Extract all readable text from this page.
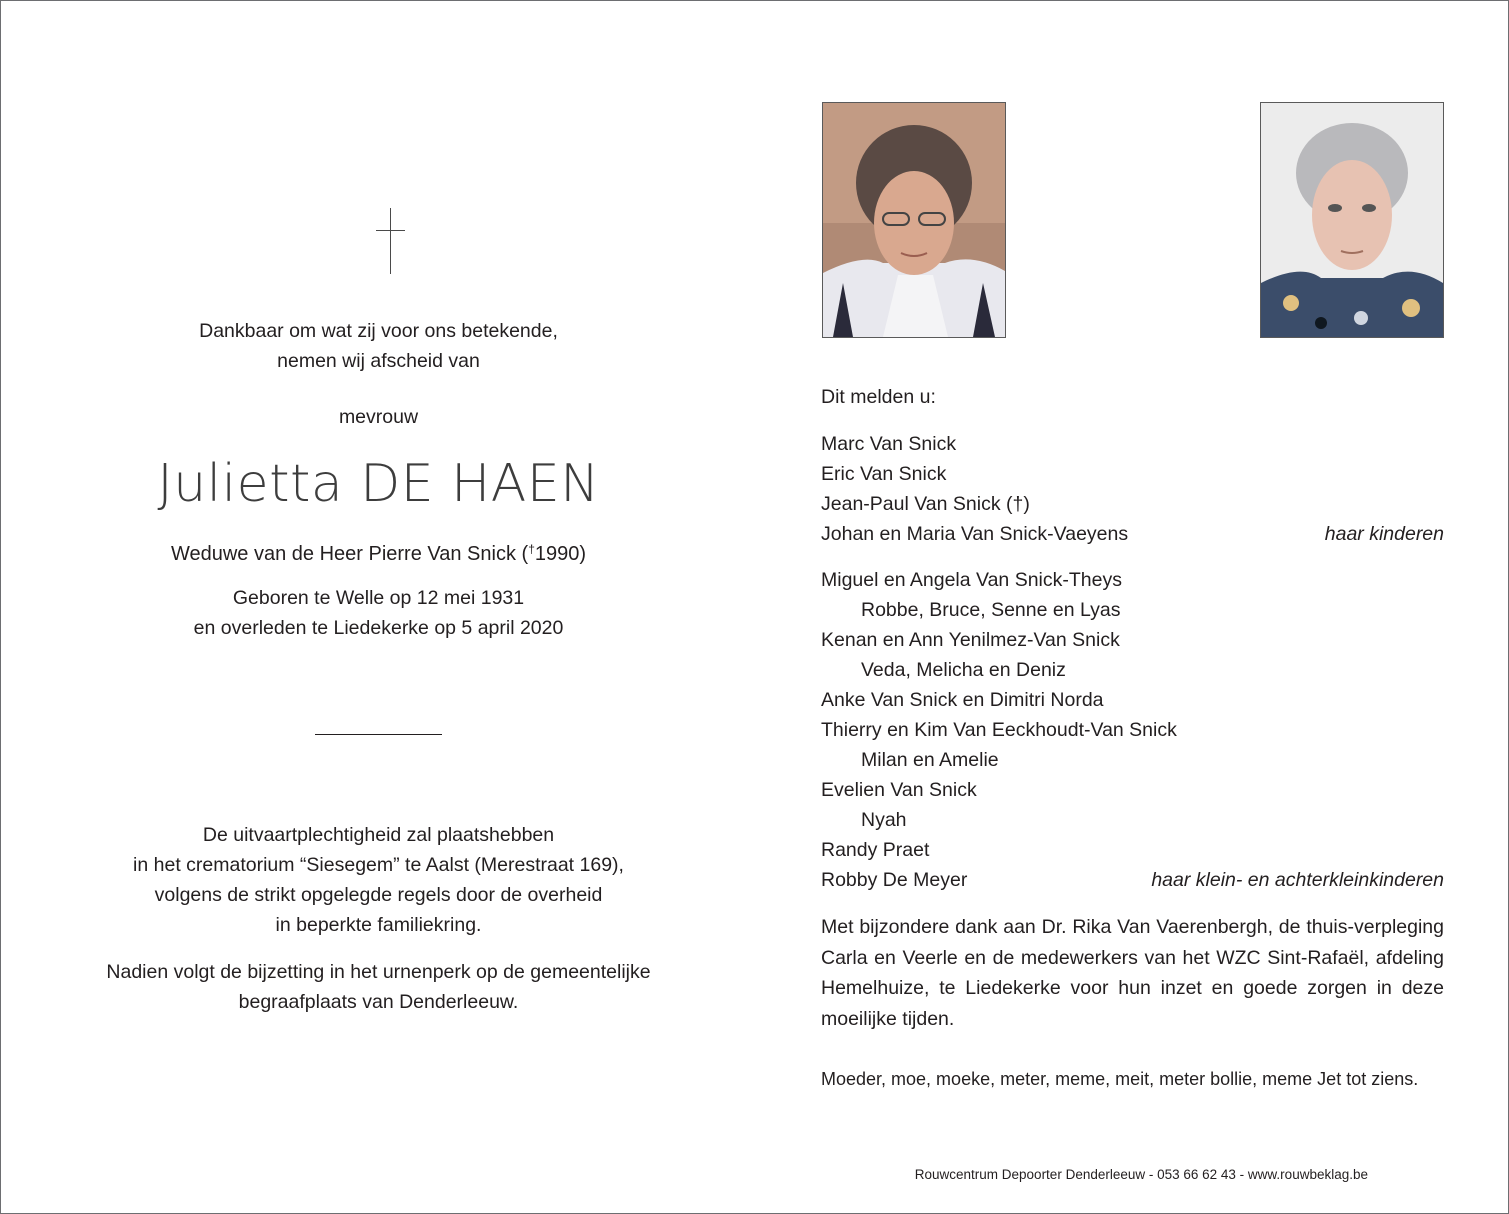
Dankbaar om wat zij voor ons betekende,
nemen wij afscheid van
mevrouw
Julietta DE HAEN
Weduwe van de Heer Pierre Van Snick (†1990)
Geboren te Welle op 12 mei 1931
en overleden te Liedekerke op 5 april 2020
De uitvaartplechtigheid zal plaatshebben
in het crematorium “Siesegem” te Aalst (Merestraat 169),
volgens de strikt opgelegde regels door de overheid
in beperkte familiekring.
Nadien volgt de bijzetting in het urnenperk op de gemeentelijke
begraafplaats van Denderleeuw.
Dit melden u:
Marc Van Snick
Eric Van Snick
Jean-Paul Van Snick (†)
Johan en Maria Van Snick-Vaeyens	haar kinderen
Miguel en Angela Van Snick-Theys
Robbe, Bruce, Senne en Lyas
Kenan en Ann Yenilmez-Van Snick
Veda, Melicha en Deniz
Anke Van Snick en Dimitri Norda
Thierry en Kim Van Eeckhoudt-Van Snick
Milan en Amelie
Evelien Van Snick
Nyah
Randy Praet
Robby De Meyer	haar klein- en achterkleinkinderen
Met bijzondere dank aan Dr. Rika Van Vaerenbergh, de thuis-verpleging Carla en Veerle en de medewerkers van het WZC Sint-Rafaël, afdeling Hemelhuize, te Liedekerke voor hun inzet en goede zorgen in deze moeilijke tijden.
Moeder, moe, moeke, meter, meme, meit, meter bollie, meme Jet tot ziens.
Rouwcentrum Depoorter Denderleeuw - 053 66 62 43 - www.rouwbeklag.be
